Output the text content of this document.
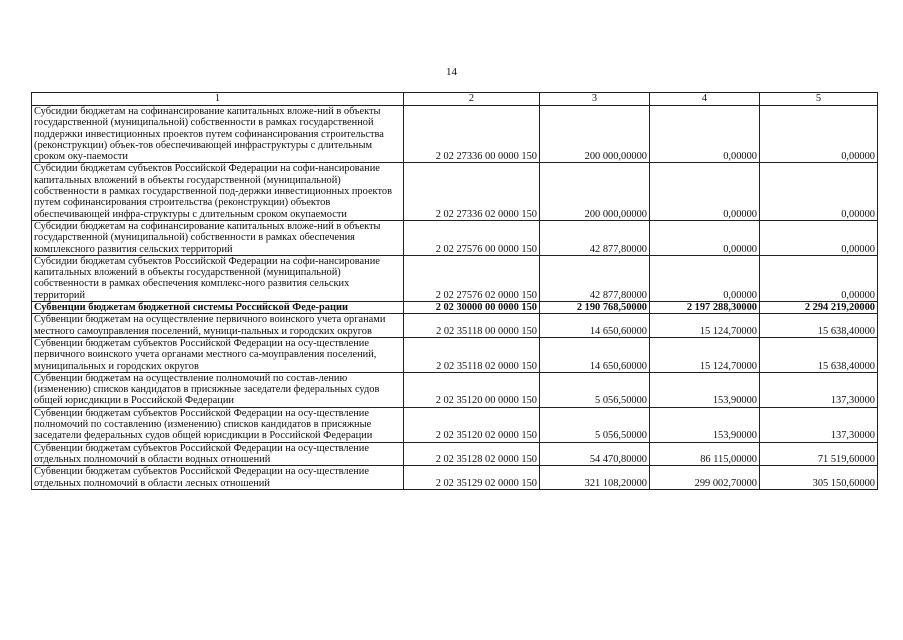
14
1	2	3	4	5
Субсидии бюджетам на софинансирование капитальных вложе-ний в объекты государственной (муниципальной) собственности в рамках государственной поддержки инвестиционных проектов путем софинансирования строительства (реконструкции) объек-тов обеспечивающей инфраструктуры с длительным сроком оку-паемости	2 02 27336 00 0000 150	200 000,00000	0,00000	0,00000
Субсидии бюджетам субъектов Российской Федерации на софи-нансирование капитальных вложений в объекты государственной (муниципальной) собственности в рамках государственной под-держки инвестиционных проектов путем софинансирования строительства (реконструкции) объектов обеспечивающей инфра-структуры с длительным сроком окупаемости	2 02 27336 02 0000 150	200 000,00000	0,00000	0,00000
Субсидии бюджетам на софинансирование капитальных вложе-ний в объекты государственной (муниципальной) собственности в рамках обеспечения комплексного развития сельских территорий	2 02 27576 00 0000 150	42 877,80000	0,00000	0,00000
Субсидии бюджетам субъектов Российской Федерации на софи-нансирование капитальных вложений в объекты государственной (муниципальной) собственности в рамках обеспечения комплекс-ного развития сельских территорий	2 02 27576 02 0000 150	42 877,80000	0,00000	0,00000
Субвенции бюджетам бюджетной системы Российской Феде-рации	2 02 30000 00 0000 150	2 190 768,50000	2 197 288,30000	2 294 219,20000
Субвенции бюджетам на осуществление первичного воинского учета органами местного самоуправления поселений, муници-пальных и городских округов	2 02 35118 00 0000 150	14 650,60000	15 124,70000	15 638,40000
Субвенции бюджетам субъектов Российской Федерации на осу-ществление первичного воинского учета органами местного са-моуправления поселений, муниципальных и городских округов	2 02 35118 02 0000 150	14 650,60000	15 124,70000	15 638,40000
Субвенции бюджетам на осуществление полномочий по состав-лению (изменению) списков кандидатов в присяжные заседатели федеральных судов общей юрисдикции в Российской Федерации	2 02 35120 00 0000 150	5 056,50000	153,90000	137,30000
Субвенции бюджетам субъектов Российской Федерации на осу-ществление полномочий по составлению (изменению) списков кандидатов в присяжные заседатели федеральных судов общей юрисдикции в Российской Федерации	2 02 35120 02 0000 150	5 056,50000	153,90000	137,30000
Субвенции бюджетам субъектов Российской Федерации на осу-ществление отдельных полномочий в области водных отношений	2 02 35128 02 0000 150	54 470,80000	86 115,00000	71 519,60000
Субвенции бюджетам субъектов Российской Федерации на осу-ществление отдельных полномочий в области лесных отношений	2 02 35129 02 0000 150	321 108,20000	299 002,70000	305 150,60000
